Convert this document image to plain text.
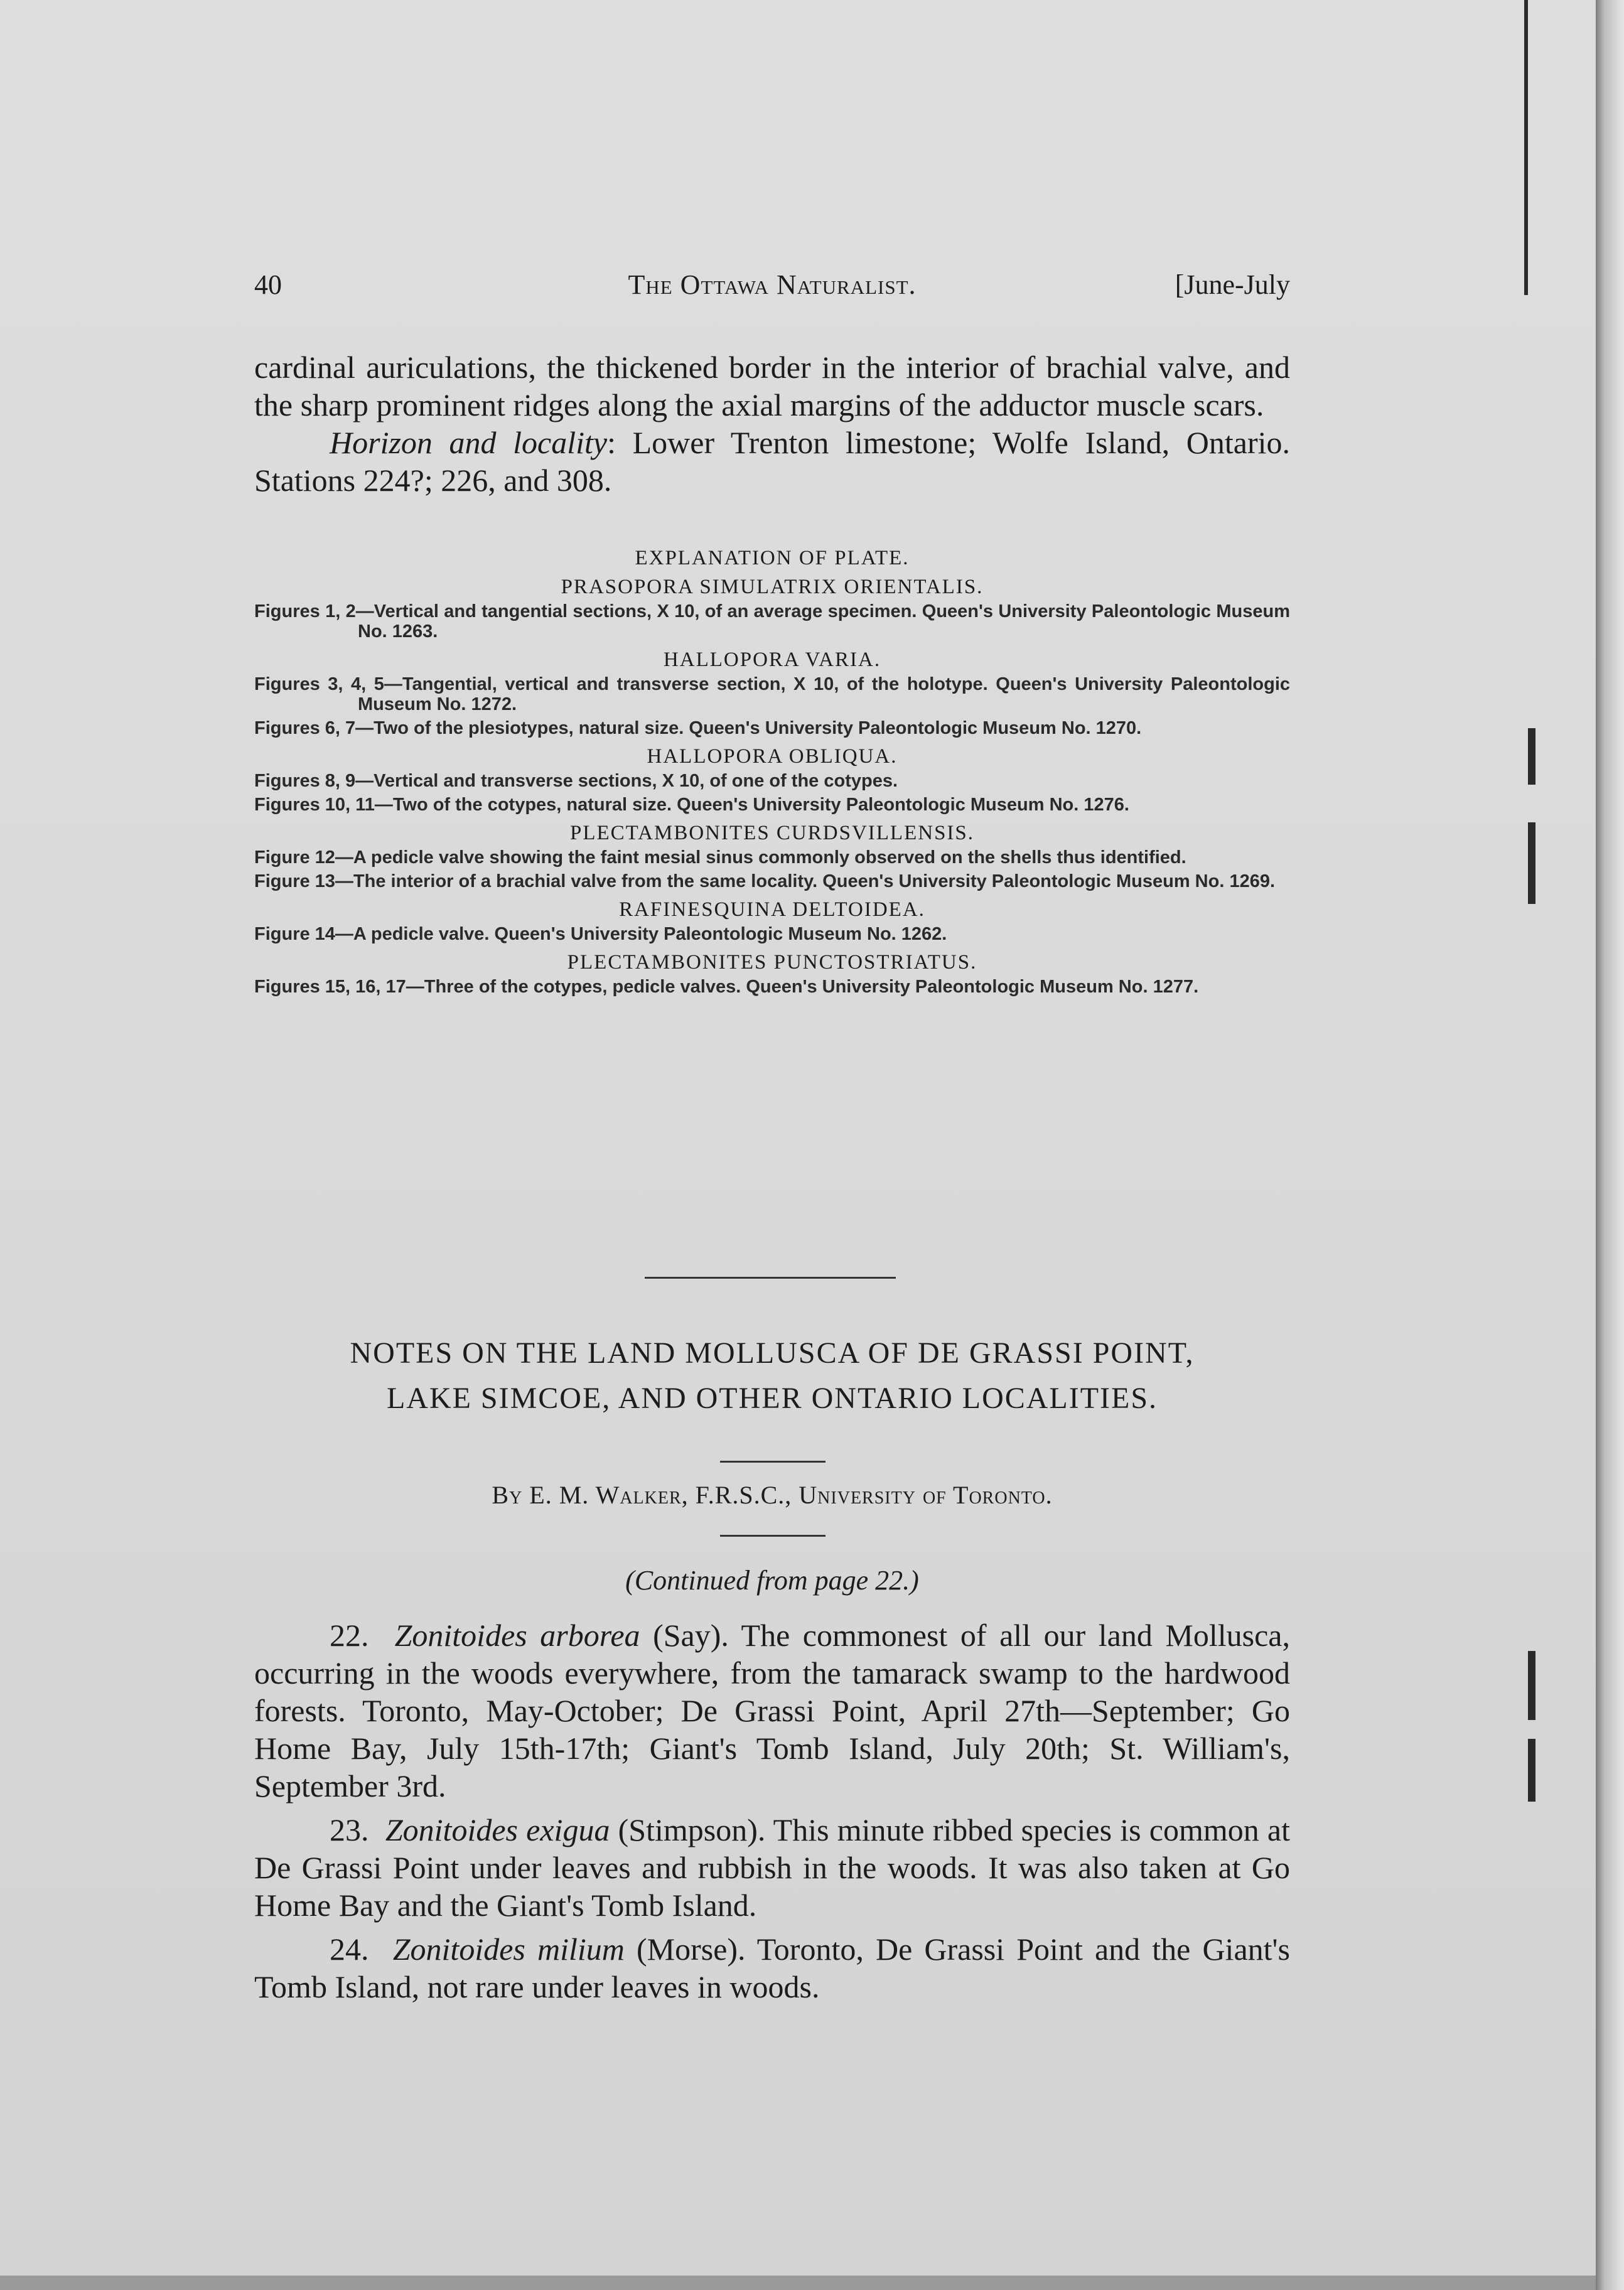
40	The Ottawa Naturalist.	[June-July

cardinal auriculations, the thickened border in the interior of brachial valve, and the sharp prominent ridges along the axial margins of the adductor muscle scars.

Horizon and locality: Lower Trenton limestone; Wolfe Island, Ontario. Stations 224?; 226, and 308.

EXPLANATION OF PLATE.

PRASOPORA SIMULATRIX ORIENTALIS.

Figures 1, 2—Vertical and tangential sections, X 10, of an average specimen. Queen's University Paleontologic Museum No. 1263.

HALLOPORA VARIA.

Figures 3, 4, 5—Tangential, vertical and transverse section, X 10, of the holotype. Queen's University Paleontologic Museum No. 1272.

Figures 6, 7—Two of the plesiotypes, natural size. Queen's University Paleontologic Museum No. 1270.

HALLOPORA OBLIQUA.

Figures 8, 9—Vertical and transverse sections, X 10, of one of the cotypes.

Figures 10, 11—Two of the cotypes, natural size. Queen's University Paleontologic Museum No. 1276.

PLECTAMBONITES CURDSVILLENSIS.

Figure 12—A pedicle valve showing the faint mesial sinus commonly observed on the shells thus identified.

Figure 13—The interior of a brachial valve from the same locality. Queen's University Paleontologic Museum No. 1269.

RAFINESQUINA DELTOIDEA.

Figure 14—A pedicle valve. Queen's University Paleontologic Museum No. 1262.

PLECTAMBONITES PUNCTOSTRIATUS.

Figures 15, 16, 17—Three of the cotypes, pedicle valves. Queen's University Paleontologic Museum No. 1277.

NOTES ON THE LAND MOLLUSCA OF DE GRASSI POINT,

LAKE SIMCOE, AND OTHER ONTARIO LOCALITIES.

By E. M. Walker, F.R.S.C., University of Toronto.

(Continued from page 22.)

22. Zonitoides arborea (Say). The commonest of all our land Mollusca, occurring in the woods everywhere, from the tamarack swamp to the hardwood forests. Toronto, May-October; De Grassi Point, April 27th—September; Go Home Bay, July 15th-17th; Giant's Tomb Island, July 20th; St. William's, September 3rd.

23. Zonitoides exigua (Stimpson). This minute ribbed species is common at De Grassi Point under leaves and rubbish in the woods. It was also taken at Go Home Bay and the Giant's Tomb Island.

24. Zonitoides milium (Morse). Toronto, De Grassi Point and the Giant's Tomb Island, not rare under leaves in woods.
